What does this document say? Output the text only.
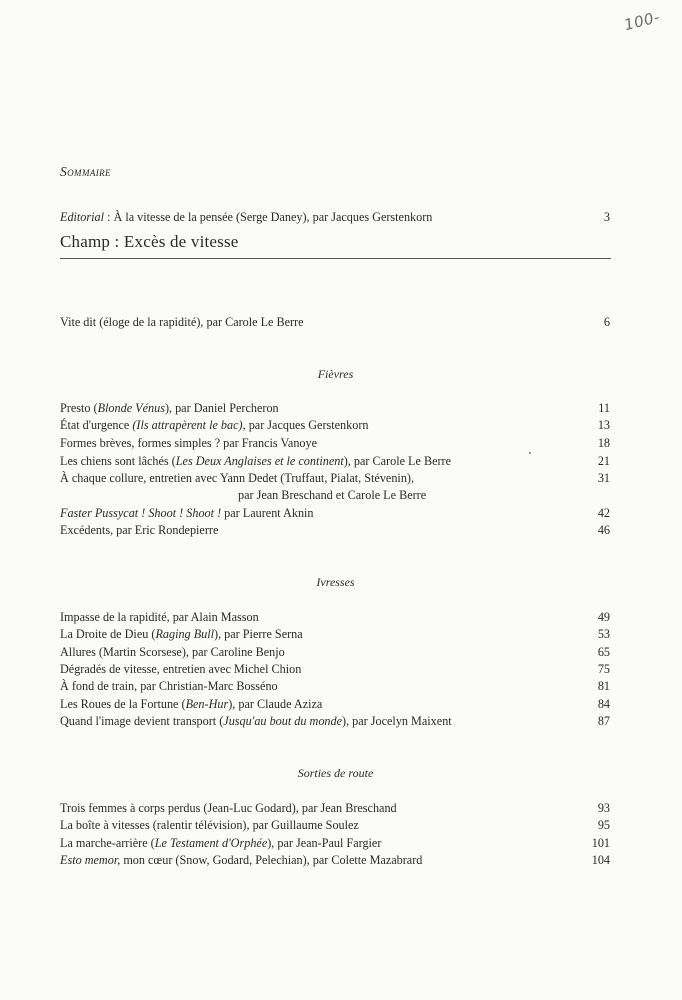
100-
Sommaire
Editorial : À la vitesse de la pensée (Serge Daney), par Jacques Gerstenkorn	3
Champ : Excès de vitesse
Vite dit (éloge de la rapidité), par Carole Le Berre	6
Fièvres
Presto (Blonde Vénus), par Daniel Percheron	11
État d'urgence (Ils attrapèrent le bac), par Jacques Gerstenkorn	13
Formes brèves, formes simples ? par Francis Vanoye	18
Les chiens sont lâchés (Les Deux Anglaises et le continent), par Carole Le Berre	21
À chaque collure, entretien avec Yann Dedet (Truffaut, Pialat, Stévenin),	31
par Jean Breschand et Carole Le Berre
Faster Pussycat ! Shoot ! Shoot ! par Laurent Aknin	42
Excédents, par Eric Rondepierre	46
Ivresses
Impasse de la rapidité, par Alain Masson	49
La Droite de Dieu (Raging Bull), par Pierre Serna	53
Allures (Martin Scorsese), par Caroline Benjo	65
Dégradés de vitesse, entretien avec Michel Chion	75
À fond de train, par Christian-Marc Bosséno	81
Les Roues de la Fortune (Ben-Hur), par Claude Aziza	84
Quand l'image devient transport (Jusqu'au bout du monde), par Jocelyn Maixent	87
Sorties de route
Trois femmes à corps perdus (Jean-Luc Godard), par Jean Breschand	93
La boîte à vitesses (ralentir télévision), par Guillaume Soulez	95
La marche-arrière (Le Testament d'Orphée), par Jean-Paul Fargier	101
Esto memor, mon cœur (Snow, Godard, Pelechian), par Colette Mazabrard	104
